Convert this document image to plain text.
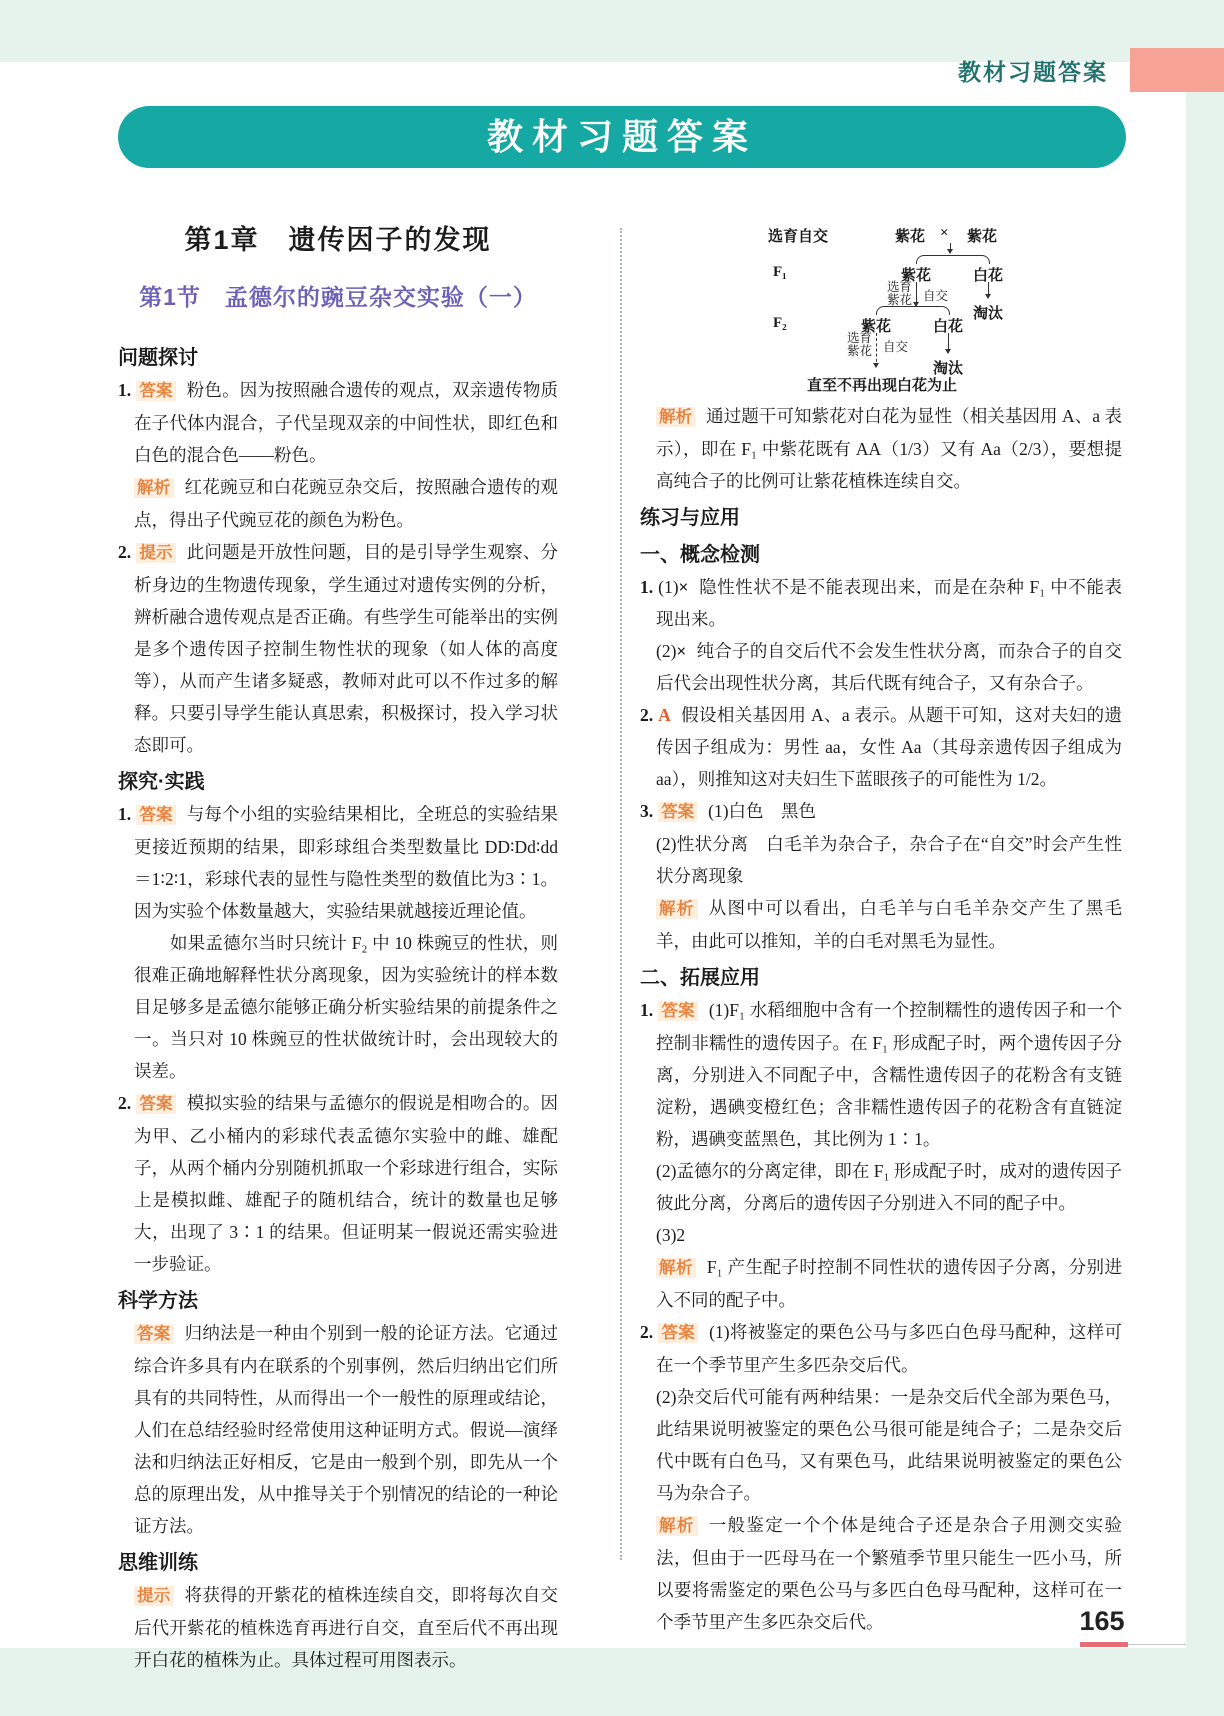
教材习题答案
教材习题答案
第1章　遗传因子的发现
第1节　孟德尔的豌豆杂交实验（一）
问题探讨

1. 答案 粉色。因为按照融合遗传的观点，双亲遗传物质在子代体内混合，子代呈现双亲的中间性状，即红色和白色的混合色——粉色。

解析 红花豌豆和白花豌豆杂交后，按照融合遗传的观点，得出子代豌豆花的颜色为粉色。

2. 提示 此问题是开放性问题，目的是引导学生观察、分析身边的生物遗传现象，学生通过对遗传实例的分析，辨析融合遗传观点是否正确。有些学生可能举出的实例是多个遗传因子控制生物性状的现象（如人体的高度等），从而产生诸多疑惑，教师对此可以不作过多的解释。只要引导学生能认真思索，积极探讨，投入学习状态即可。

探究·实践

1. 答案 与每个小组的实验结果相比，全班总的实验结果更接近预期的结果，即彩球组合类型数量比 DD∶Dd∶dd＝1∶2∶1，彩球代表的显性与隐性类型的数值比为3∶1。因为实验个体数量越大，实验结果就越接近理论值。

如果孟德尔当时只统计 F₂ 中 10 株豌豆的性状，则很难正确地解释性状分离现象，因为实验统计的样本数目足够多是孟德尔能够正确分析实验结果的前提条件之一。当只对 10 株豌豆的性状做统计时，会出现较大的误差。

2. 答案 模拟实验的结果与孟德尔的假说是相吻合的。因为甲、乙小桶内的彩球代表孟德尔实验中的雌、雄配子，从两个桶内分别随机抓取一个彩球进行组合，实际上是模拟雌、雄配子的随机结合，统计的数量也足够大，出现了 3∶1 的结果。但证明某一假说还需实验进一步验证。

科学方法

答案 归纳法是一种由个别到一般的论证方法。它通过综合许多具有内在联系的个别事例，然后归纳出它们所具有的共同特性，从而得出一个一般性的原理或结论，人们在总结经验时经常使用这种证明方式。假说—演绎法和归纳法正好相反，它是由一般到个别，即先从一个总的原理出发，从中推导关于个别情况的结论的一种论证方法。

思维训练

提示 将获得的开紫花的植株连续自交，即将每次自交后代开紫花的植株选育再进行自交，直至后代不再出现开白花的植株为止。具体过程可用图表示。

选育自交	紫花 × 紫花
F₁	紫花	白花
选育
紫花 自交
淘汰
F₂	紫花	白花
选育
紫花 自交
淘汰
直至不再出现白花为止

解析 通过题干可知紫花对白花为显性（相关基因用 A、a 表示），即在 F₁ 中紫花既有 AA（1/3）又有 Aa（2/3），要想提高纯合子的比例可让紫花植株连续自交。

练习与应用
一、概念检测

1. (1)× 隐性性状不是不能表现出来，而是在杂种 F₁ 中不能表现出来。

(2)× 纯合子的自交后代不会发生性状分离，而杂合子的自交后代会出现性状分离，其后代既有纯合子，又有杂合子。

2. A 假设相关基因用 A、a 表示。从题干可知，这对夫妇的遗传因子组成为：男性 aa，女性 Aa（其母亲遗传因子组成为 aa），则推知这对夫妇生下蓝眼孩子的可能性为 1/2。

3. 答案 (1)白色　黑色

(2)性状分离　白毛羊为杂合子，杂合子在“自交”时会产生性状分离现象

解析 从图中可以看出，白毛羊与白毛羊杂交产生了黑毛羊，由此可以推知，羊的白毛对黑毛为显性。

二、拓展应用

1. 答案 (1)F₁ 水稻细胞中含有一个控制糯性的遗传因子和一个控制非糯性的遗传因子。在 F₁ 形成配子时，两个遗传因子分离，分别进入不同配子中，含糯性遗传因子的花粉含有支链淀粉，遇碘变橙红色；含非糯性遗传因子的花粉含有直链淀粉，遇碘变蓝黑色，其比例为 1∶1。

(2)孟德尔的分离定律，即在 F₁ 形成配子时，成对的遗传因子彼此分离，分离后的遗传因子分别进入不同的配子中。

(3)2

解析 F₁ 产生配子时控制不同性状的遗传因子分离，分别进入不同的配子中。

2. 答案 (1)将被鉴定的栗色公马与多匹白色母马配种，这样可在一个季节里产生多匹杂交后代。

(2)杂交后代可能有两种结果：一是杂交后代全部为栗色马，此结果说明被鉴定的栗色公马很可能是纯合子；二是杂交后代中既有白色马，又有栗色马，此结果说明被鉴定的栗色公马为杂合子。

解析 一般鉴定一个个体是纯合子还是杂合子用测交实验法，但由于一匹母马在一个繁殖季节里只能生一匹小马，所以要将需鉴定的栗色公马与多匹白色母马配种，这样可在一个季节里产生多匹杂交后代。	165
